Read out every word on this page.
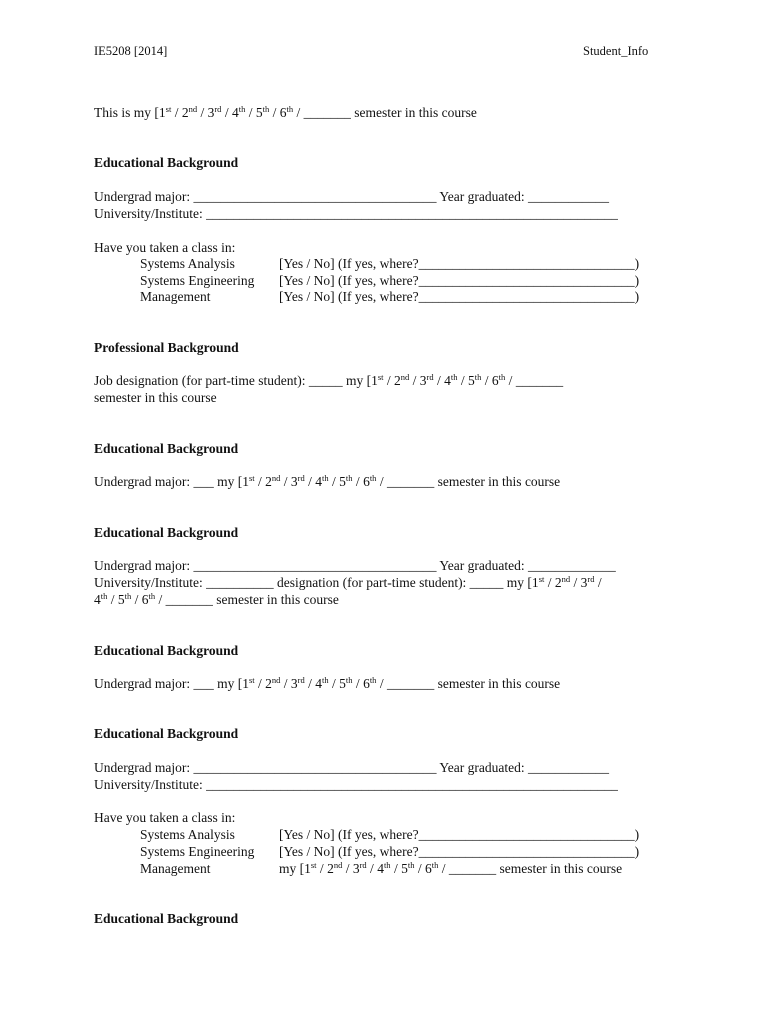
IE5208 [2014]	Student_Info
This is my [1st / 2nd / 3rd / 4th / 5th / 6th / _______ semester in this course
Educational Background
Undergrad major: ____________________________________ Year graduated: ____________
University/Institute: _____________________________________________________________
Have you taken a class in:
Systems Analysis	[Yes / No] (If yes, where?________________________________)
Systems Engineering [Yes / No] (If yes, where?________________________________)
Management	[Yes / No] (If yes, where?________________________________)
Professional Background
Job designation (for part-time student): _____ my [1st / 2nd / 3rd / 4th / 5th / 6th / _______
semester in this course
Educational Background
Undergrad major: ___ my [1st / 2nd / 3rd / 4th / 5th / 6th / _______ semester in this course
Educational Background
Undergrad major: ____________________________________ Year graduated: _____________
University/Institute: __________ designation (for part-time student): _____ my [1st / 2nd / 3rd /
4th / 5th / 6th / _______ semester in this course
Educational Background
Undergrad major: ___ my [1st / 2nd / 3rd / 4th / 5th / 6th / _______ semester in this course
Educational Background
Undergrad major: ____________________________________ Year graduated: ____________
University/Institute: _____________________________________________________________
Have you taken a class in:
Systems Analysis	[Yes / No] (If yes, where?________________________________)
Systems Engineering [Yes / No] (If yes, where?________________________________)
Management	my [1st / 2nd / 3rd / 4th / 5th / 6th / _______ semester in this course
Educational Background
